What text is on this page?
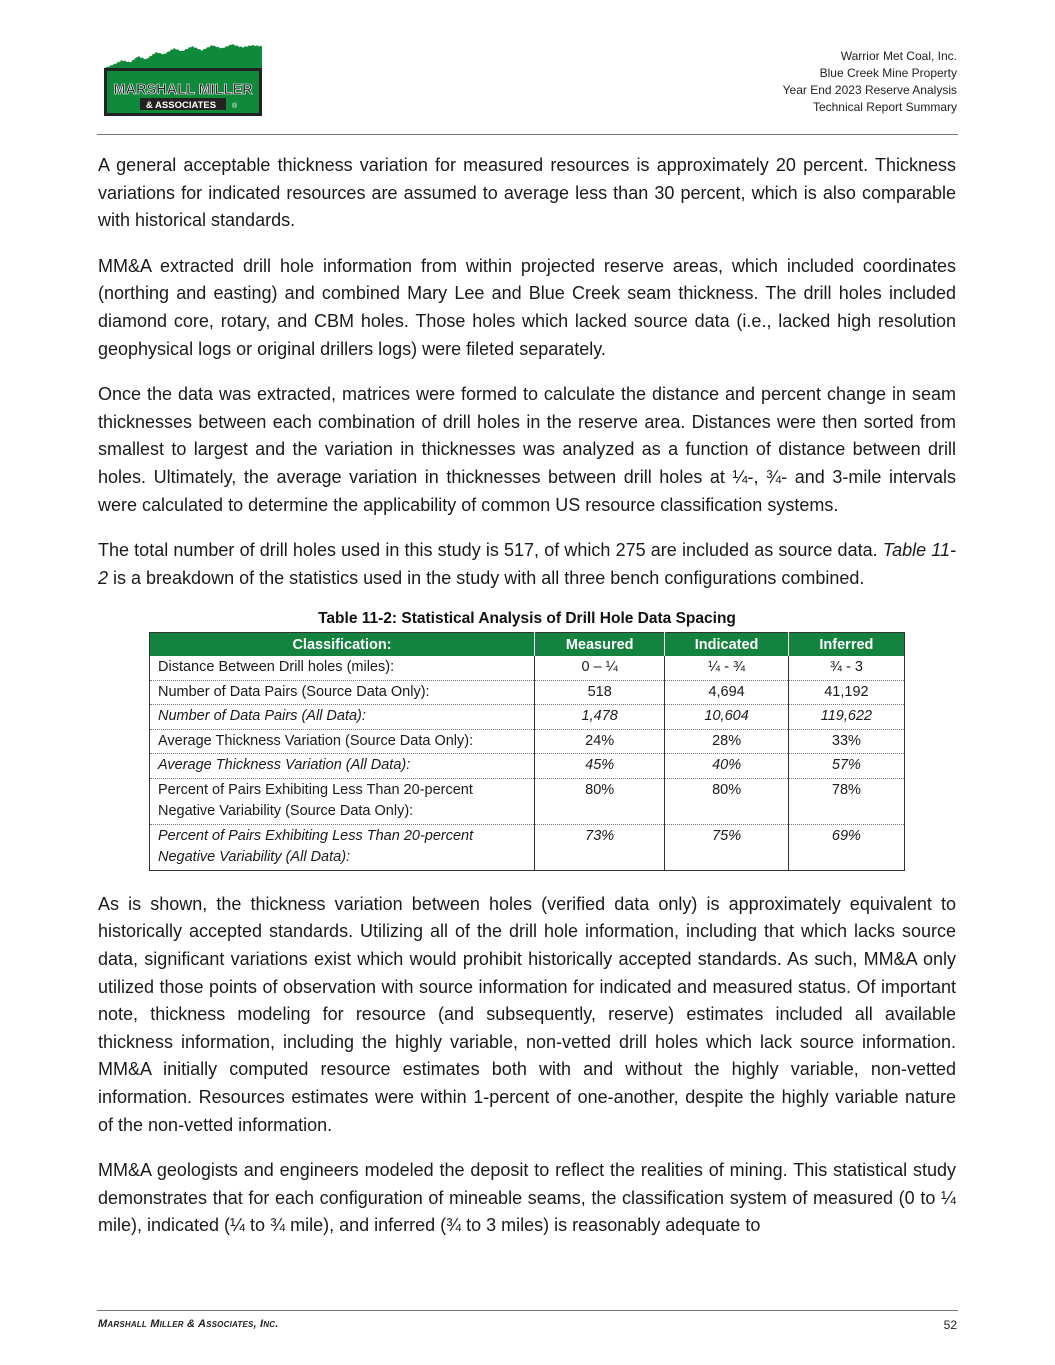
MARSHALL MILLER
& ASSOCIATES ®
Warrior Met Coal, Inc.
Blue Creek Mine Property
Year End 2023 Reserve Analysis
Technical Report Summary

A general acceptable thickness variation for measured resources is approximately 20 percent. Thickness variations for indicated resources are assumed to average less than 30 percent, which is also comparable with historical standards.

MM&A extracted drill hole information from within projected reserve areas, which included coordinates (northing and easting) and combined Mary Lee and Blue Creek seam thickness. The drill holes included diamond core, rotary, and CBM holes. Those holes which lacked source data (i.e., lacked high resolution geophysical logs or original drillers logs) were fileted separately.

Once the data was extracted, matrices were formed to calculate the distance and percent change in seam thicknesses between each combination of drill holes in the reserve area. Distances were then sorted from smallest to largest and the variation in thicknesses was analyzed as a function of distance between drill holes. Ultimately, the average variation in thicknesses between drill holes at ¼-, ¾- and 3-mile intervals were calculated to determine the applicability of common US resource classification systems.

The total number of drill holes used in this study is 517, of which 275 are included as source data. Table 11-2 is a breakdown of the statistics used in the study with all three bench configurations combined.

Table 11-2: Statistical Analysis of Drill Hole Data Spacing
Classification:	Measured	Indicated	Inferred
Distance Between Drill holes (miles):	0 – ¼	¼ - ¾	¾ - 3
Number of Data Pairs (Source Data Only):	518	4,694	41,192
Number of Data Pairs (All Data):	1,478	10,604	119,622
Average Thickness Variation (Source Data Only):	24%	28%	33%
Average Thickness Variation (All Data):	45%	40%	57%

Percent of Pairs Exhibiting Less Than 20-percent
Negative Variability (Source Data Only):	80%	80%	78%

Percent of Pairs Exhibiting Less Than 20-percent
Negative Variability (All Data):	73%	75%	69%

As is shown, the thickness variation between holes (verified data only) is approximately equivalent to historically accepted standards. Utilizing all of the drill hole information, including that which lacks source data, significant variations exist which would prohibit historically accepted standards. As such, MM&A only utilized those points of observation with source information for indicated and measured status. Of important note, thickness modeling for resource (and subsequently, reserve) estimates included all available thickness information, including the highly variable, non-vetted drill holes which lack source information. MM&A initially computed resource estimates both with and without the highly variable, non-vetted information. Resources estimates were within 1-percent of one-another, despite the highly variable nature of the non-vetted information.

MM&A geologists and engineers modeled the deposit to reflect the realities of mining. This statistical study demonstrates that for each configuration of mineable seams, the classification system of measured (0 to ¼ mile), indicated (¼ to ¾ mile), and inferred (¾ to 3 miles) is reasonably adequate to

Marshall Miller & Associates, Inc.	52
